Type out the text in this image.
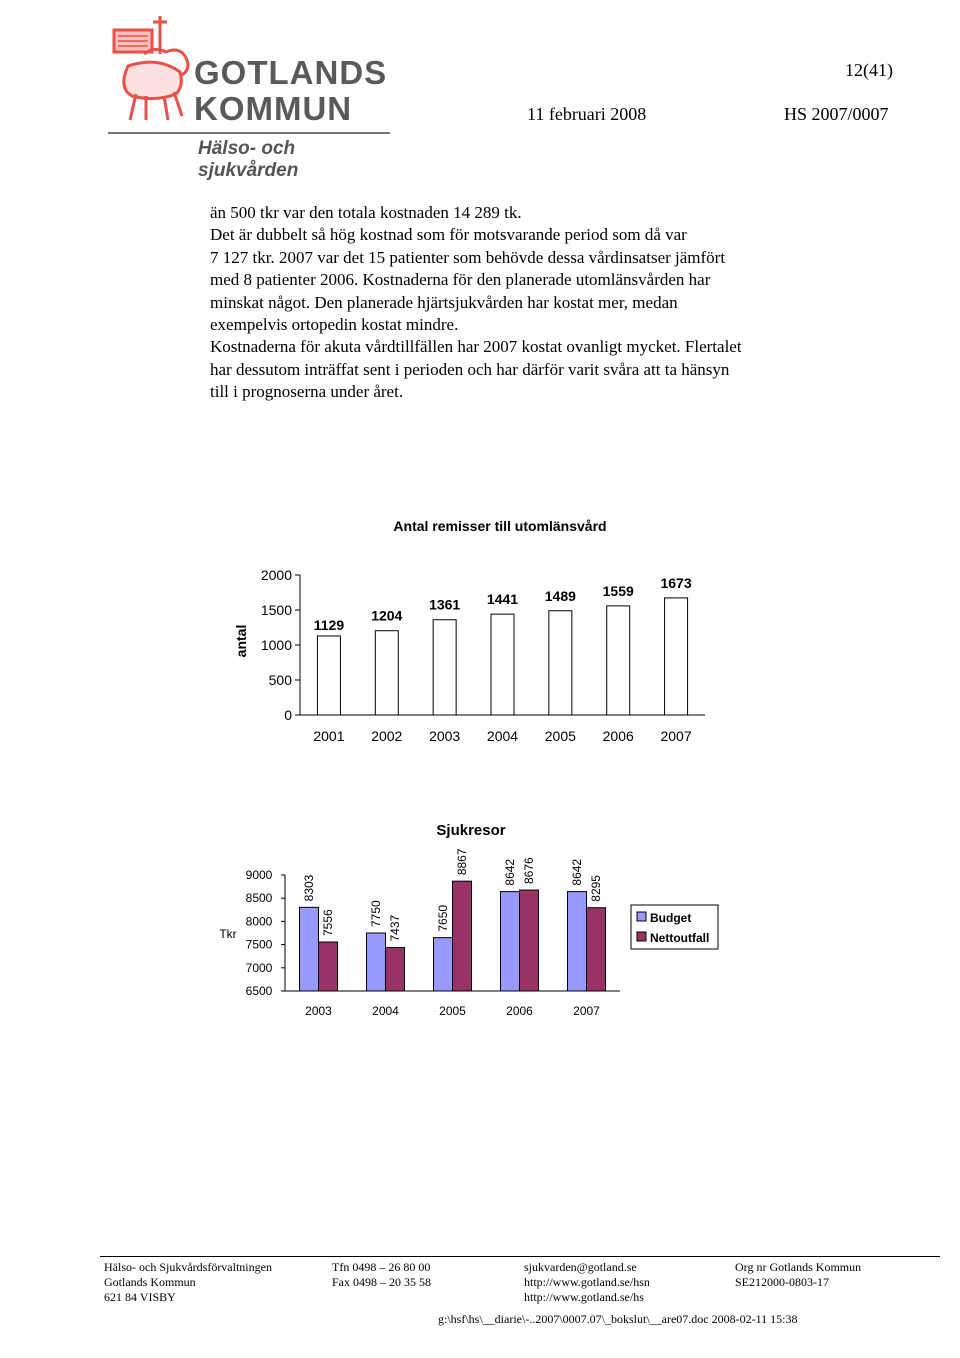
GOTLANDS
KOMMUN
Hälso- och sjukvården
12(41)
11 februari 2008	HS 2007/0007

än 500 tkr var den totala kostnaden 14 289 tk.

Det är dubbelt så hög kostnad som för motsvarande period som då var

7 127 tkr. 2007 var det 15 patienter som behövde dessa vårdinsatser jämfört

med 8 patienter 2006. Kostnaderna för den planerade utomlänsvården har

minskat något. Den planerade hjärtsjukvården har kostat mer, medan

exempelvis ortopedin kostat mindre.

Kostnaderna för akuta vårdtillfällen har 2007 kostat ovanligt mycket. Flertalet

har dessutom inträffat sent i perioden och har därför varit svåra att ta hänsyn

till i prognoserna under året.

Antal remisser till utomlänsvård
antal	1129
1204
1361 1441 1489 1559 1673
0
500
1000
1500
2000
2001 2002 2003 2004 2005 2006 2007
Sjukresor
Tkr
8303
7556	7750
7437	7650
8867	8642 8676	8642
8295
6500
7000
7500
8000
8500
9000
2003	2004	2005	2006	2007
Budget
Nettoutfall
Hälso- och Sjukvårdsförvaltningen
Gotlands Kommun
621 84 VISBY
Tfn 0498 – 26 80 00
Fax 0498 – 20 35 58
sjukvarden@gotland.se
http://www.gotland.se/hsn
http://www.gotland.se/hs
Org nr Gotlands Kommun
SE212000-0803-17
g:\hsf\hs\__diarie\-..2007\0007.07\_bokslut\__are07.doc 2008-02-11 15:38
